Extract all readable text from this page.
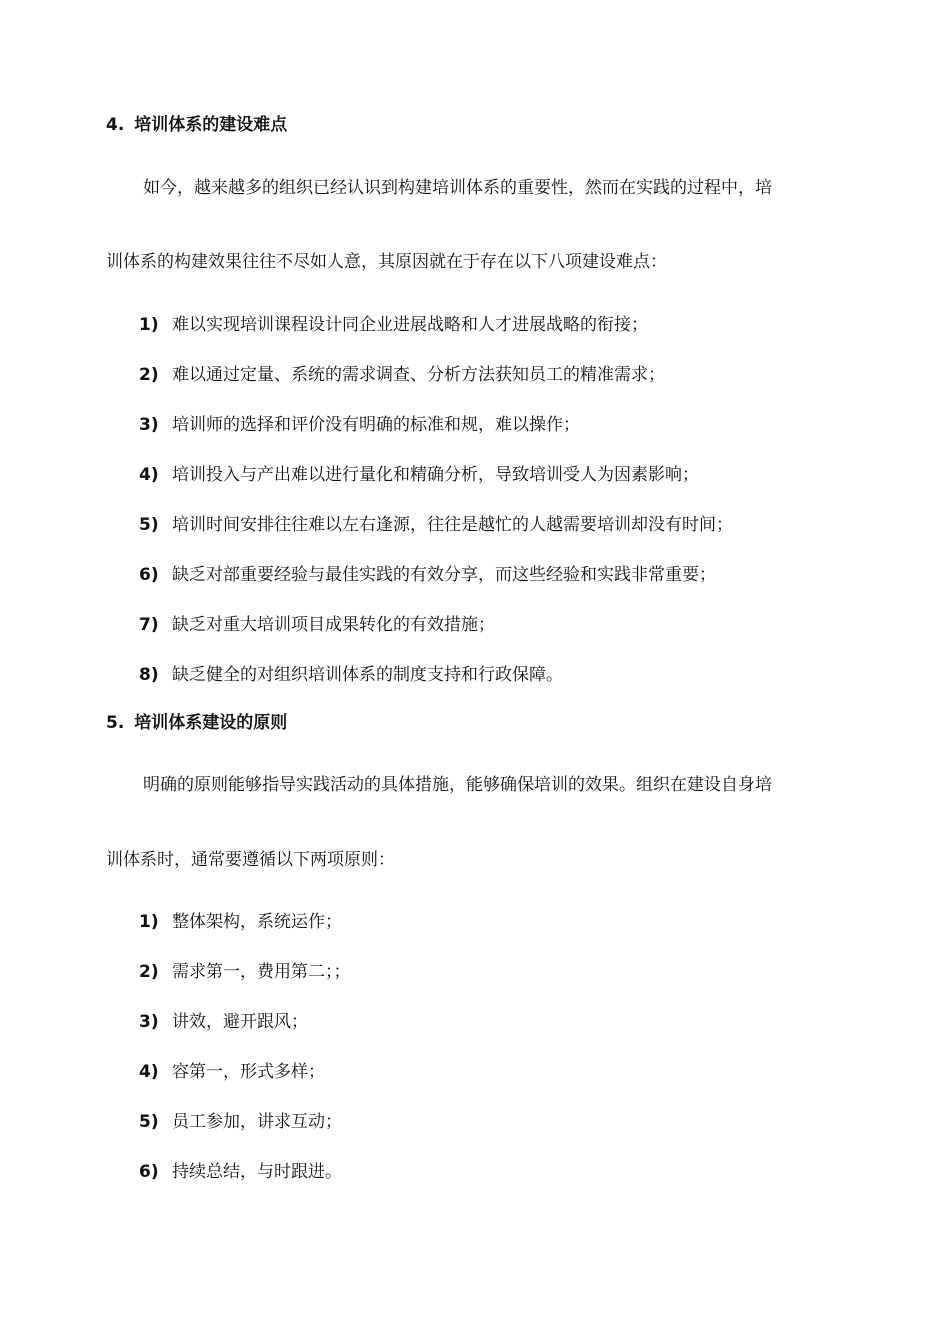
4. 培训体系的建设难点
如今，越来越多的组织已经认识到构建培训体系的重要性，然而在实践的过程中，培
训体系的构建效果往往不尽如人意，其原因就在于存在以下八项建设难点：
1) 难以实现培训课程设计同企业进展战略和人才进展战略的衔接；
2) 难以通过定量、系统的需求调查、分析方法获知员工的精准需求；
3) 培训师的选择和评价没有明确的标准和规，难以操作；
4) 培训投入与产出难以进行量化和精确分析，导致培训受人为因素影响；
5) 培训时间安排往往难以左右逢源，往往是越忙的人越需要培训却没有时间；
6) 缺乏对部重要经验与最佳实践的有效分享，而这些经验和实践非常重要；
7) 缺乏对重大培训项目成果转化的有效措施；
8) 缺乏健全的对组织培训体系的制度支持和行政保障。
5. 培训体系建设的原则
明确的原则能够指导实践活动的具体措施，能够确保培训的效果。组织在建设自身培
训体系时，通常要遵循以下两项原则：
1) 整体架构，系统运作；
2) 需求第一，费用第二；；
3) 讲效，避开跟风；
4) 容第一，形式多样；
5) 员工参加，讲求互动；
6) 持续总结，与时跟进。
